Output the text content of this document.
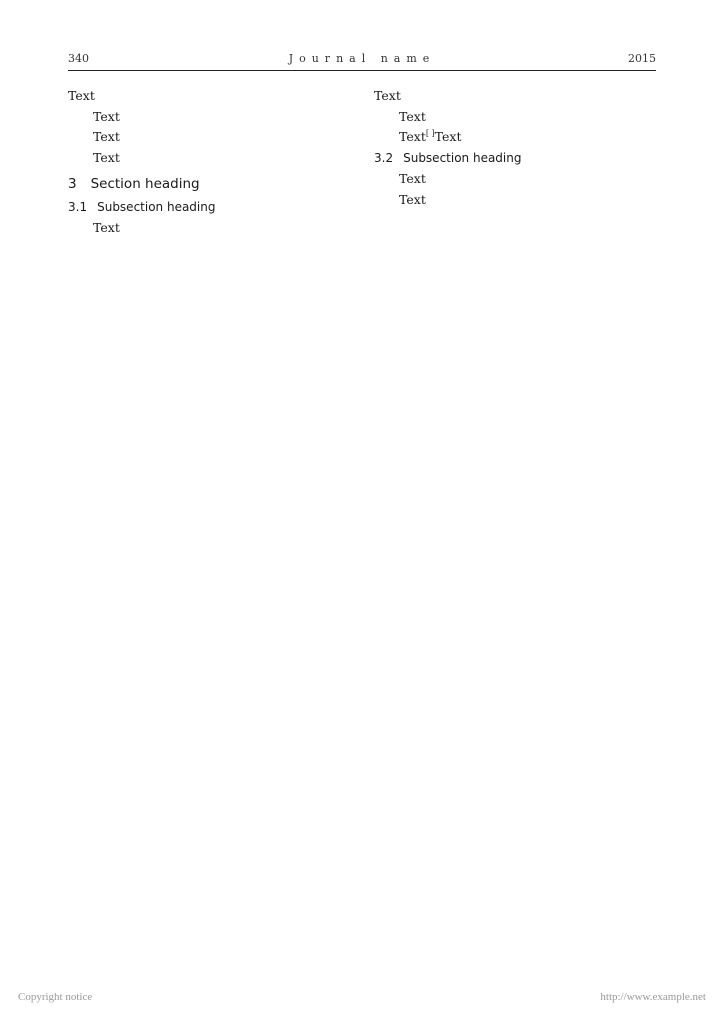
340	Journal name	2015

Text

Text

Text

Text

3 Section heading
3.1 Subsection heading

Text

Text

Text

Text[ ]Text

3.2 Subsection heading

Text

Text

Copyright notice	http://www.example.net
